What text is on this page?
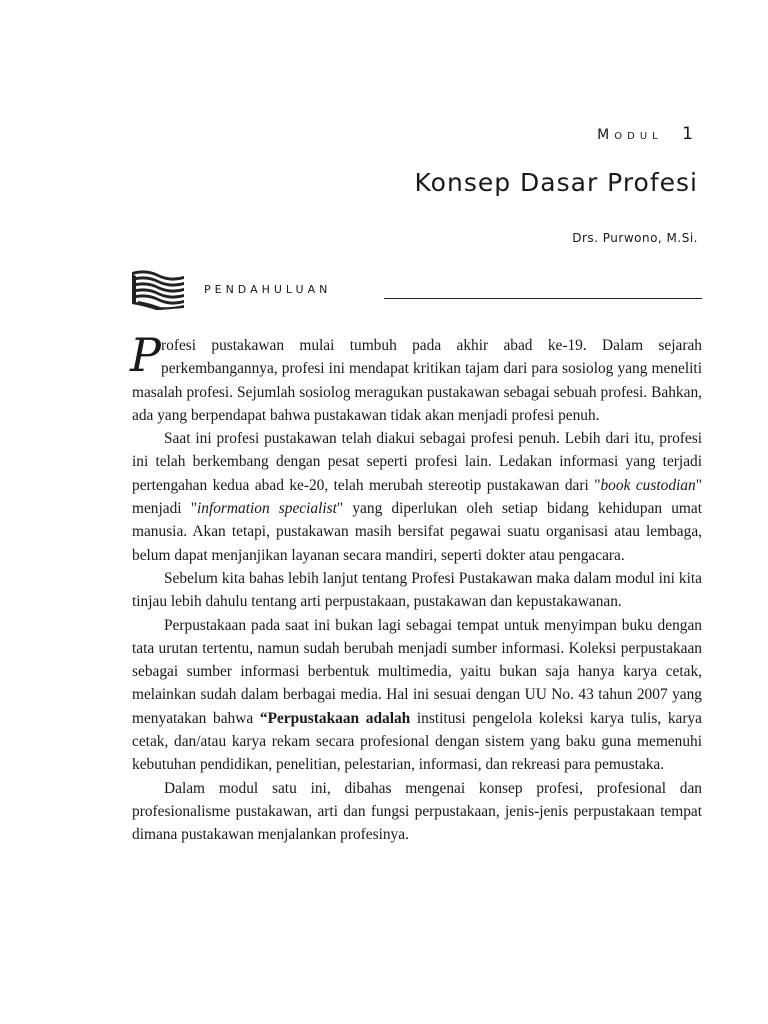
Modul 1
Konsep Dasar Profesi
Drs. Purwono, M.Si.
PENDAHULUAN

Profesi pustakawan mulai tumbuh pada akhir abad ke-19. Dalam sejarah perkembangannya, profesi ini mendapat kritikan tajam dari para sosiolog yang meneliti masalah profesi. Sejumlah sosiolog meragukan pustakawan sebagai sebuah profesi. Bahkan, ada yang berpendapat bahwa pustakawan tidak akan menjadi profesi penuh.

Saat ini profesi pustakawan telah diakui sebagai profesi penuh. Lebih dari itu, profesi ini telah berkembang dengan pesat seperti profesi lain. Ledakan informasi yang terjadi pertengahan kedua abad ke-20, telah merubah stereotip pustakawan dari "book custodian" menjadi "information specialist" yang diperlukan oleh setiap bidang kehidupan umat manusia. Akan tetapi, pustakawan masih bersifat pegawai suatu organisasi atau lembaga, belum dapat menjanjikan layanan secara mandiri, seperti dokter atau pengacara.

Sebelum kita bahas lebih lanjut tentang Profesi Pustakawan maka dalam modul ini kita tinjau lebih dahulu tentang arti perpustakaan, pustakawan dan kepustakawanan.

Perpustakaan pada saat ini bukan lagi sebagai tempat untuk menyimpan buku dengan tata urutan tertentu, namun sudah berubah menjadi sumber informasi. Koleksi perpustakaan sebagai sumber informasi berbentuk multimedia, yaitu bukan saja hanya karya cetak, melainkan sudah dalam berbagai media. Hal ini sesuai dengan UU No. 43 tahun 2007 yang menyatakan bahwa “Perpustakaan adalah institusi pengelola koleksi karya tulis, karya cetak, dan/atau karya rekam secara profesional dengan sistem yang baku guna memenuhi kebutuhan pendidikan, penelitian, pelestarian, informasi, dan rekreasi para pemustaka.

Dalam modul satu ini, dibahas mengenai konsep profesi, profesional dan profesionalisme pustakawan, arti dan fungsi perpustakaan, jenis-jenis perpustakaan tempat dimana pustakawan menjalankan profesinya.
